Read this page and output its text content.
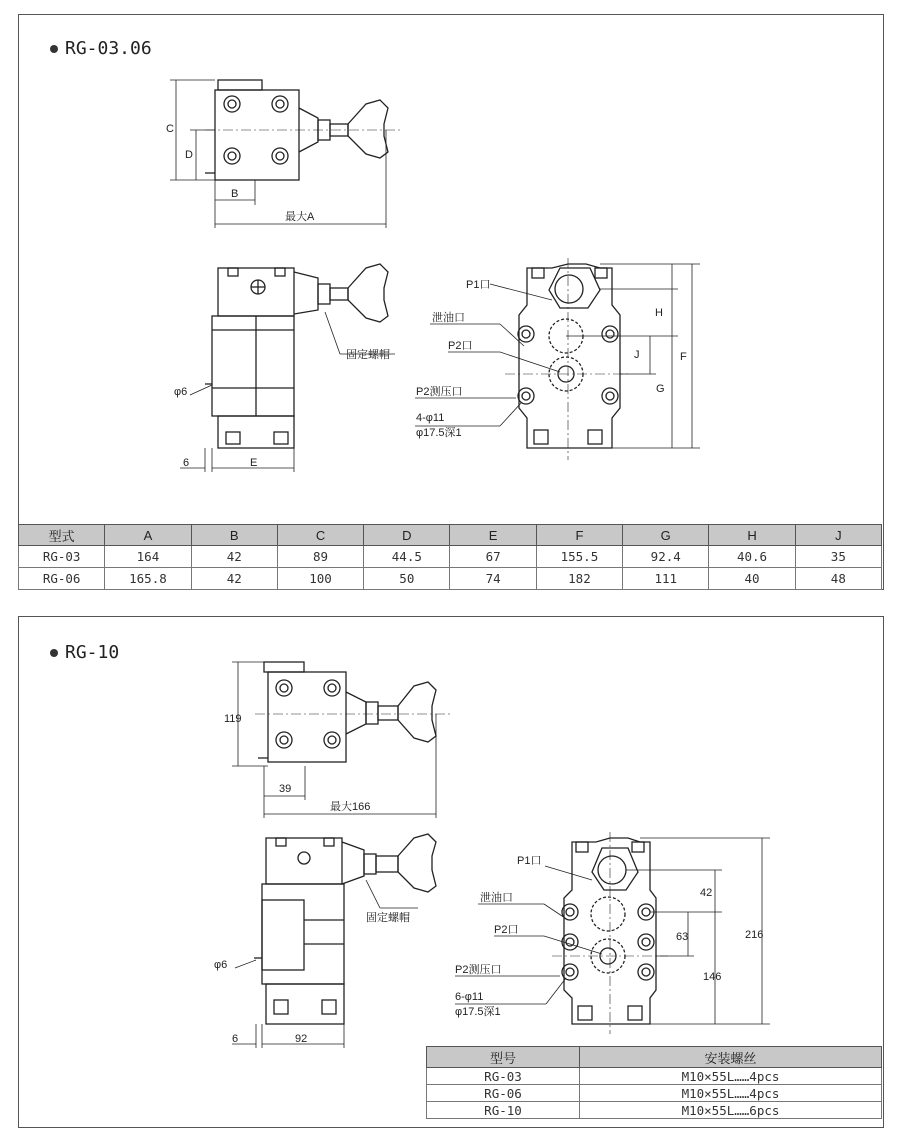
RG-03.06
C
D
B
最大A
固定螺帽
φ6
6	E
P1口
泄油口
P2口
P2测压口
4-φ11
φ17.5深1
H
J
G
F
型式	A	B	C	D	E	F	G	H	J
RG-03	164	42	89	44.5	67	155.5	92.4	40.6	35
RG-06	165.8	42	100	50	74	182	111	40	48
RG-10
119
39
最大166
固定螺帽
φ6
6	92
P1口
泄油口
P2口
P2测压口
6-φ11
φ17.5深1
42
63
146
216
型号	安装螺丝
RG-03	M10×55L……4pcs
RG-06	M10×55L……4pcs
RG-10	M10×55L……6pcs
